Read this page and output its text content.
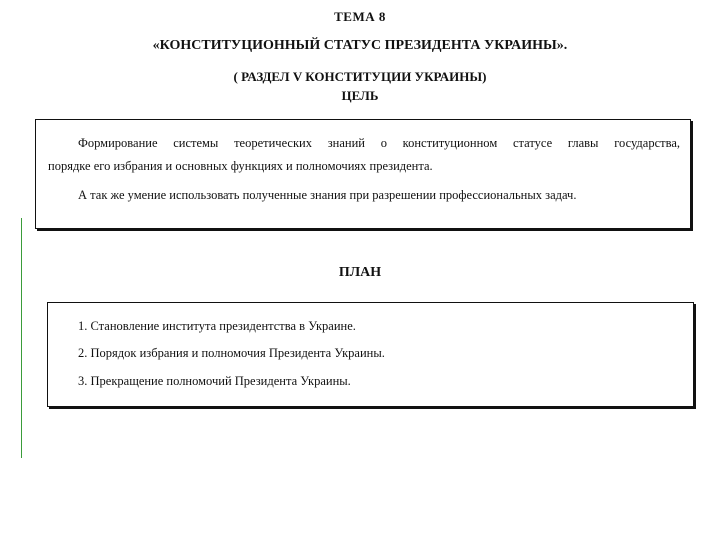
ТЕМА 8
«КОНСТИТУЦИОННЫЙ СТАТУС ПРЕЗИДЕНТА УКРАИНЫ».
( РАЗДЕЛ V КОНСТИТУЦИИ УКРАИНЫ)
ЦЕЛЬ
Формирование системы теоретических знаний о конституционном статусе главы государства,
порядке его избрания и основных функциях и полномочиях президента.
А так же умение использовать полученные знания при разрешении профессиональных задач.
ПЛАН
1. Становление института президентства в Украине.
2. Порядок избрания и полномочия Президента Украины.
3. Прекращение полномочий Президента Украины.
